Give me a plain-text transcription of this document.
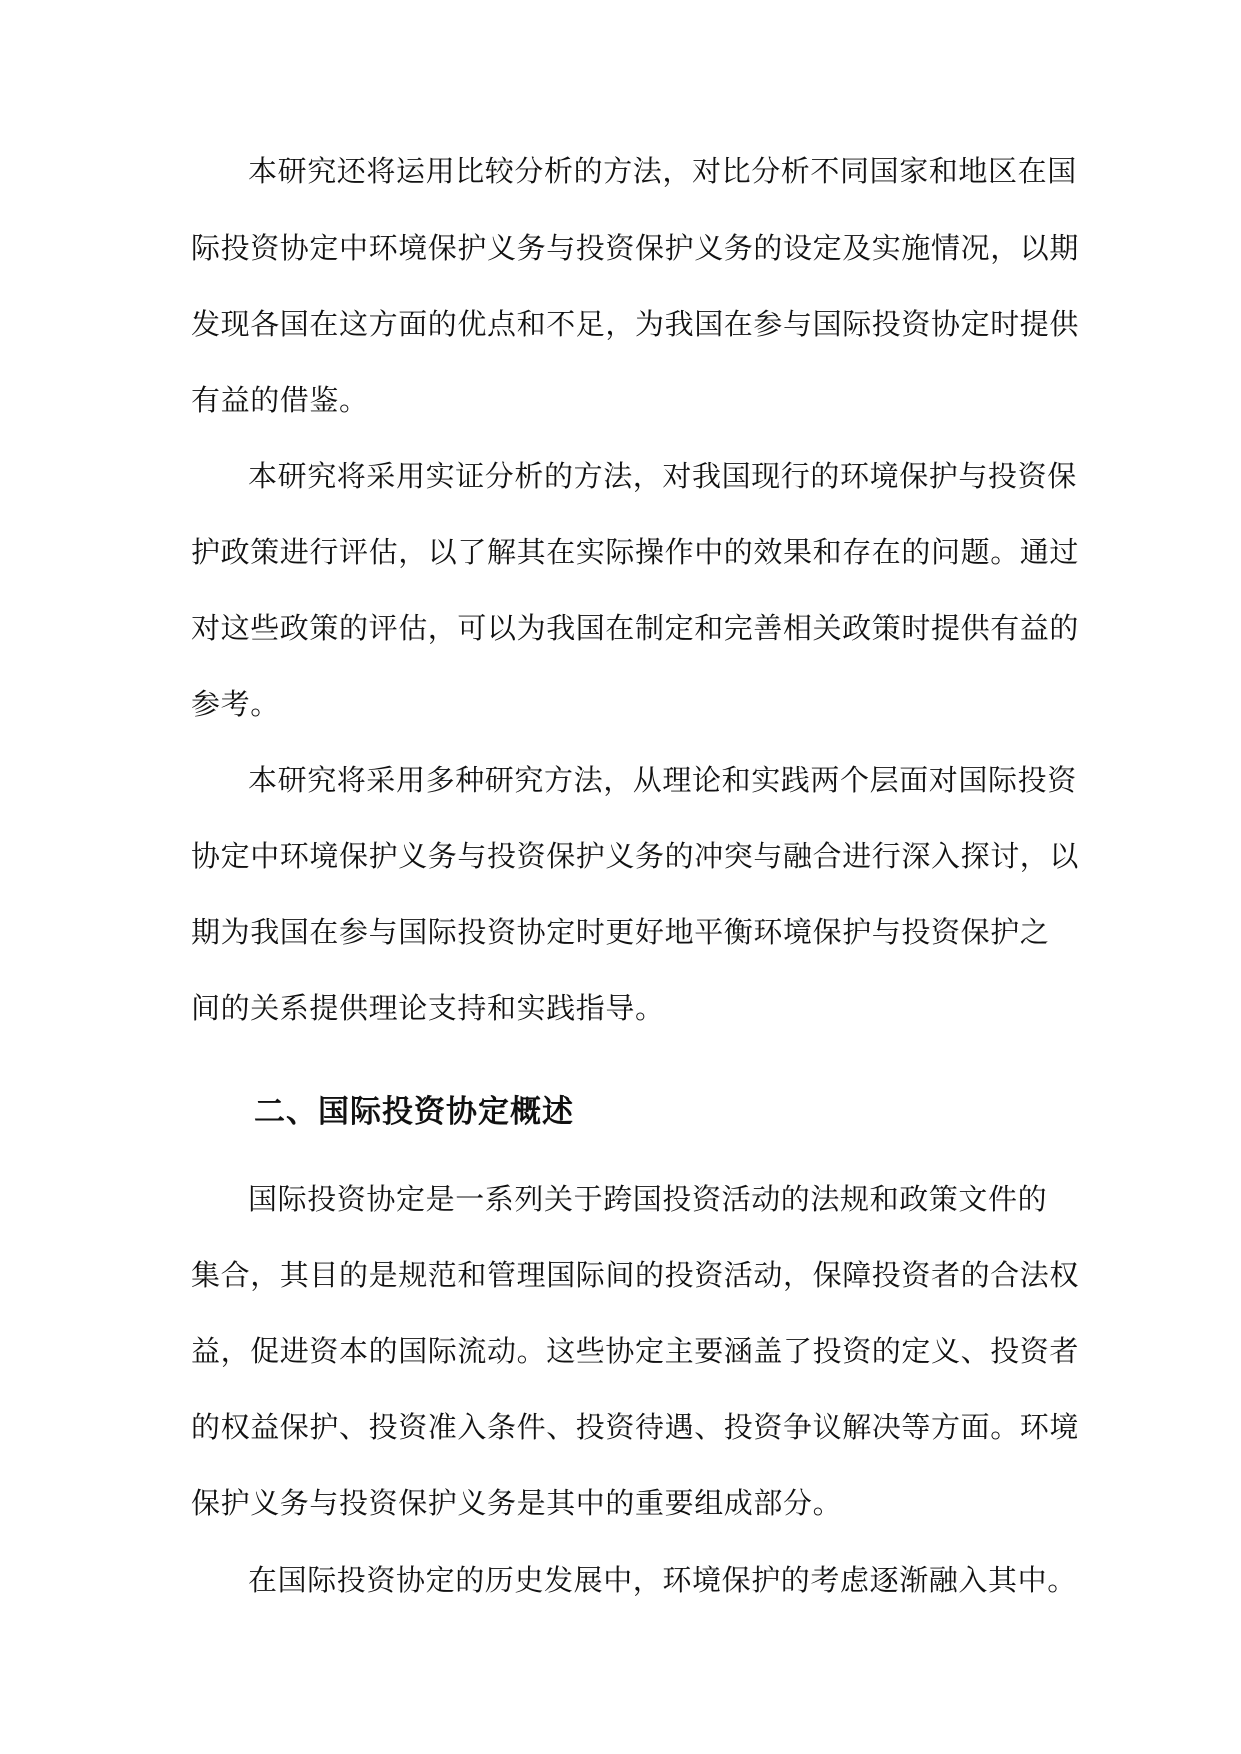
本研究还将运用比较分析的方法，对比分析不同国家和地区在国
际投资协定中环境保护义务与投资保护义务的设定及实施情况，以期
发现各国在这方面的优点和不足，为我国在参与国际投资协定时提供
有益的借鉴。
本研究将采用实证分析的方法，对我国现行的环境保护与投资保
护政策进行评估，以了解其在实际操作中的效果和存在的问题。通过
对这些政策的评估，可以为我国在制定和完善相关政策时提供有益的
参考。
本研究将采用多种研究方法，从理论和实践两个层面对国际投资
协定中环境保护义务与投资保护义务的冲突与融合进行深入探讨，以
期为我国在参与国际投资协定时更好地平衡环境保护与投资保护之
间的关系提供理论支持和实践指导。
二、国际投资协定概述
国际投资协定是一系列关于跨国投资活动的法规和政策文件的
集合，其目的是规范和管理国际间的投资活动，保障投资者的合法权
益，促进资本的国际流动。这些协定主要涵盖了投资的定义、投资者
的权益保护、投资准入条件、投资待遇、投资争议解决等方面。环境
保护义务与投资保护义务是其中的重要组成部分。
在国际投资协定的历史发展中，环境保护的考虑逐渐融入其中。
